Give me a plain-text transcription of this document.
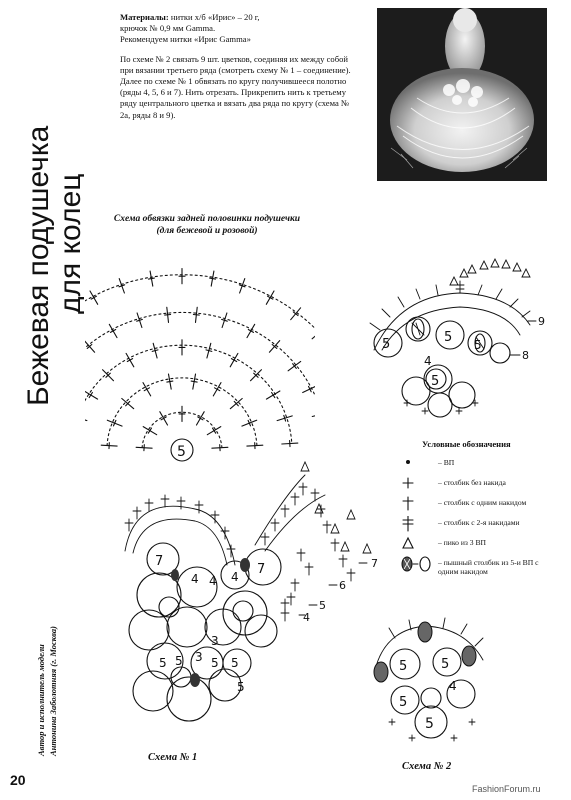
Бежевая подушечка для колец

Материалы: нитки х/б «Ирис» – 20 г,

крючок № 0,9 мм Gamma.

Рекомендуем нитки «Ирис Gamma»

По схеме № 2 связать 9 шт. цветков, соединяя их между собой при вязании третьего ряда (смотреть схему № 1 – соединение). Далее по схеме № 1 обвязать по кругу получившееся полотно (ряды 4, 5, 6 и 7). Нить отрезать. Прикрепить нить к третьему ряду центрального цветка и вязать два ряда по кругу (схема № 2а, ряды 8 и 9).

Схема обвязки задней половинки подушечки
(для бежевой и розовой)
5
5	5
4
5
5
9
8
Условные обозначения
– ВП
– столбик без накида
– столбик с одним накидом
– столбик с 2-я накидами
– пико из 3 ВП
– пышный столбик из 5-и ВП с одним накидом
7
4 4
7
4
5 5 3 5 5
5
3
7
6
5
4
5	5
4
5
5
Схема № 1
Схема № 2
Автор и исполнитель модели Антонина Заболотняя (г. Москва)
20
FashionForum.ru
